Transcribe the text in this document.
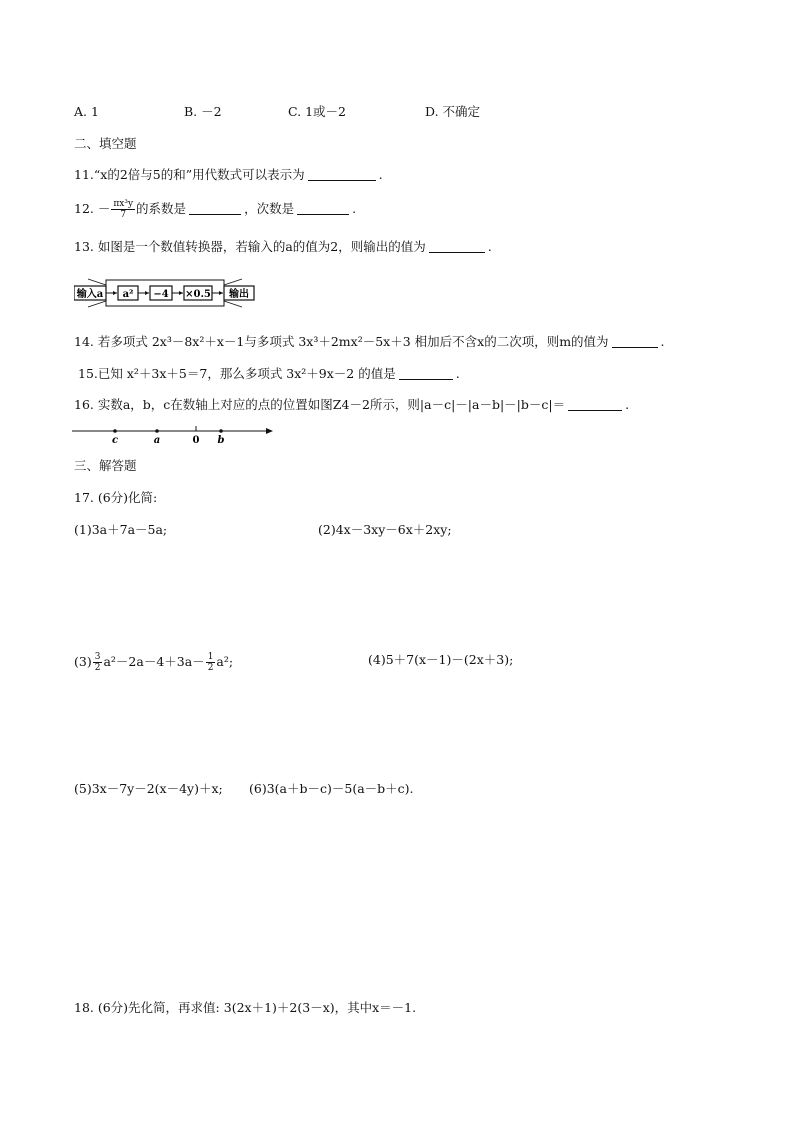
A. 1	B. －2	C. 1或－2	D. 不确定
二、填空题
11.“x的2倍与5的和”用代数式可以表示为	.
12. － $\frac{\text{πx³y}}{7}$ 的系数是	，次数是	.
13. 如图是一个数值转换器，若输入的a的值为2，则输出的值为	.
输入a a² −4 ×0.5 输出
14. 若多项式 2x³－8x²＋x－1与多项式 3x³＋2mx²－5x＋3 相加后不含x的二次项，则m的值为	.
15.已知 x²＋3x＋5＝7，那么多项式 3x²＋9x－2 的值是	.
16. 实数a，b，c在数轴上对应的点的位置如图Z4－2所示，则|a－c|－|a－b|－|b－c|＝	.
c	a	0 b
三、解答题
17. (6分)化简:
(1)3a＋7a－5a;	(2)4x－3xy－6x＋2xy;
$(3) \frac{3}{2} a^2-2a-4+3a- \frac{1}{2} a^2$;	(4)5＋7(x－1)－(2x＋3);
(5)3x－7y－2(x－4y)＋x; (6)3(a＋b－c)－5(a－b＋c).
18. (6分)先化简，再求值: 3(2x＋1)＋2(3－x)，其中x＝－1.
